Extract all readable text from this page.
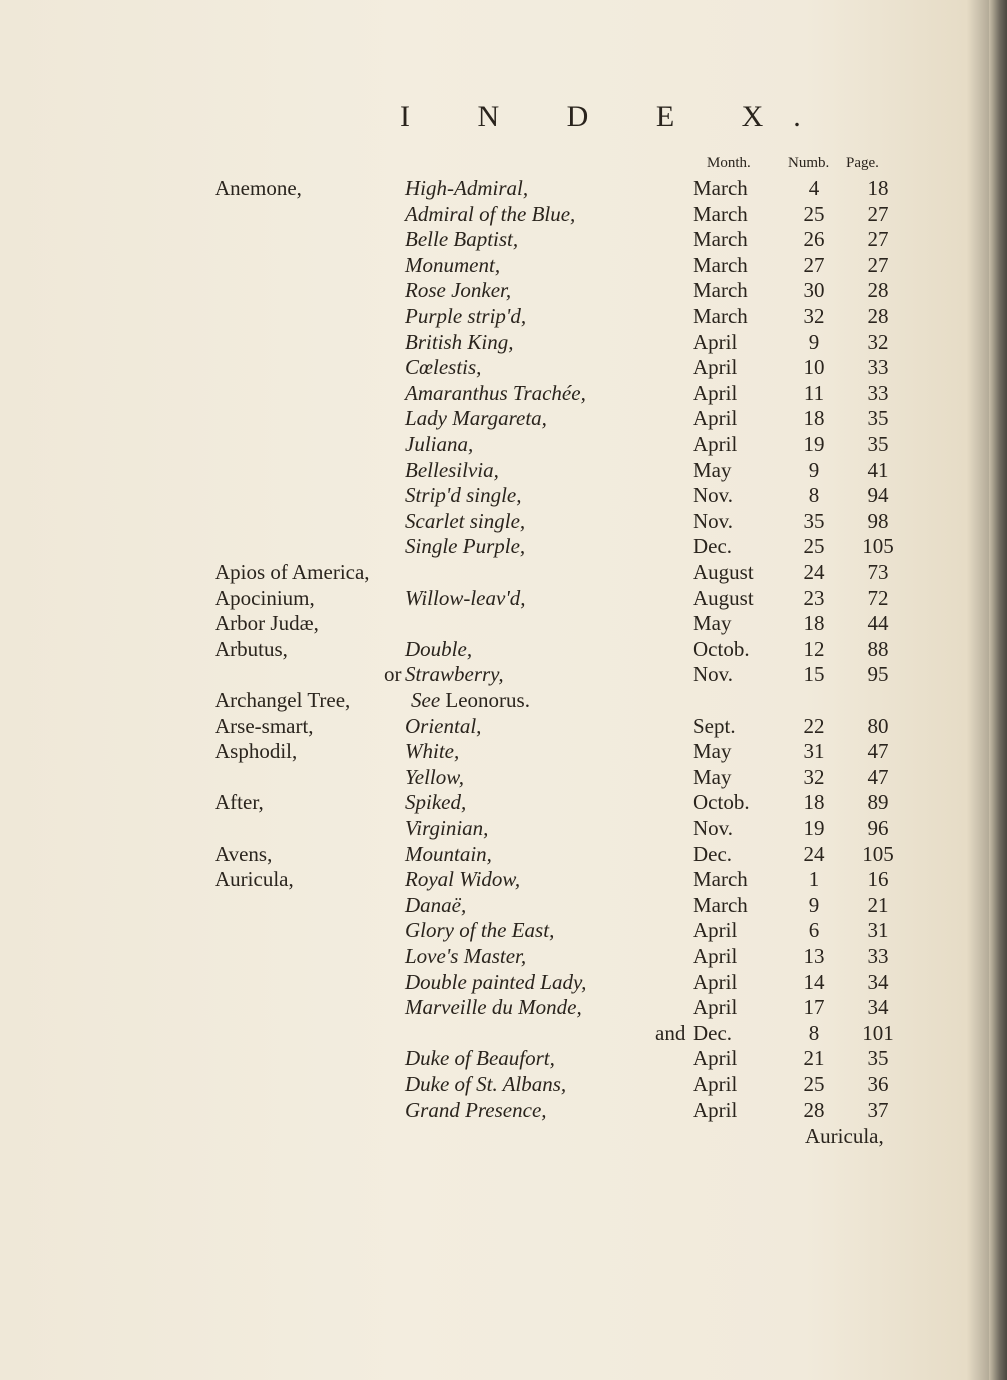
I N D E X.
Month. Numb. Page.
Anemone,	High-Admiral,	March	4	18
Admiral of the Blue,	March	25	27
Belle Baptist,	March	26	27
Monument,	March	27	27
Rose Jonker,	March	30	28
Purple strip'd,	March	32	28
British King,	April	9	32
Cœlestis,	April	10	33
Amaranthus Trachée,	April	11	33
Lady Margareta,	April	18	35
Juliana,	April	19	35
Bellesilvia,	May	9	41
Strip'd single,	Nov.	8	94
Scarlet single,	Nov.	35	98
Single Purple,	Dec.	25	105
Apios of America,	August	24	73
Apocinium,	Willow-leav'd,	August	23	72
Arbor Judæ,	May	18	44
Arbutus,	Double,	Octob.	12	88
or Strawberry,	Nov.	15	95
Archangel Tree,	See Leonorus.
Arse-smart,	Oriental,	Sept.	22	80
Asphodil,	White,	May	31	47
Yellow,	May	32	47
After,	Spiked,	Octob.	18	89
Virginian,	Nov.	19	96
Avens,	Mountain,	Dec.	24	105
Auricula,	Royal Widow,	March	1	16
Danaë,	March	9	21
Glory of the East,	April	6	31
Love's Master,	April	13	33
Double painted Lady,	April	14	34
Marveille du Monde,	April	17	34
and Dec.	8	101
Duke of Beaufort,	April	21	35
Duke of St. Albans,	April	25	36
Grand Presence,	April	28	37
Auricula,
